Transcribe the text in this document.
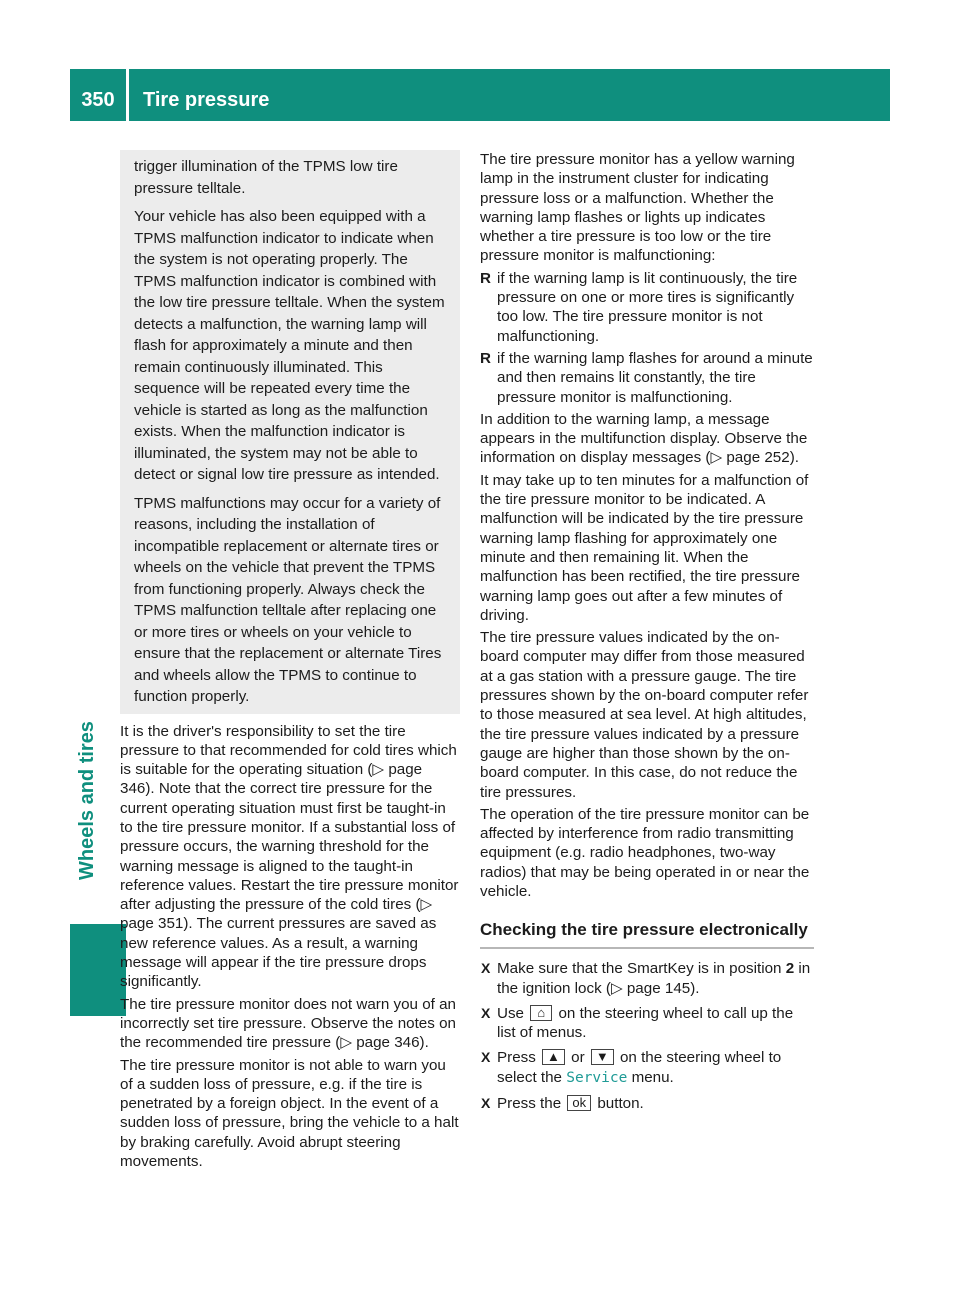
350	Tire pressure
Wheels and tires

trigger illumination of the TPMS low tire pressure telltale.

Your vehicle has also been equipped with a TPMS malfunction indicator to indicate when the system is not operating properly. The TPMS malfunction indicator is combined with the low tire pressure telltale. When the system detects a malfunction, the warning lamp will flash for approximately a minute and then remain continuously illuminated. This sequence will be repeated every time the vehicle is started as long as the malfunction exists. When the malfunction indicator is illuminated, the system may not be able to detect or signal low tire pressure as intended.

TPMS malfunctions may occur for a variety of reasons, including the installation of incompatible replacement or alternate tires or wheels on the vehicle that prevent the TPMS from functioning properly. Always check the TPMS malfunction telltale after replacing one or more tires or wheels on your vehicle to ensure that the replacement or alternate Tires and wheels allow the TPMS to continue to function properly.

It is the driver's responsibility to set the tire pressure to that recommended for cold tires which is suitable for the operating situation (▷ page 346). Note that the correct tire pressure for the current operating situation must first be taught-in to the tire pressure monitor. If a substantial loss of pressure occurs, the warning threshold for the warning message is aligned to the taught-in reference values. Restart the tire pressure monitor after adjusting the pressure of the cold tires (▷ page 351). The current pressures are saved as new reference values. As a result, a warning message will appear if the tire pressure drops significantly.

The tire pressure monitor does not warn you of an incorrectly set tire pressure. Observe the notes on the recommended tire pressure (▷ page 346).

The tire pressure monitor is not able to warn you of a sudden loss of pressure, e.g. if the tire is penetrated by a foreign object. In the event of a sudden loss of pressure, bring the vehicle to a halt by braking carefully. Avoid abrupt steering movements.

The tire pressure monitor has a yellow warning lamp in the instrument cluster for indicating pressure loss or a malfunction. Whether the warning lamp flashes or lights up indicates whether a tire pressure is too low or the tire pressure monitor is malfunctioning:

R if the warning lamp is lit continuously, the tire pressure on one or more tires is significantly too low. The tire pressure monitor is not malfunctioning.
R if the warning lamp flashes for around a minute and then remains lit constantly, the tire pressure monitor is malfunctioning.

In addition to the warning lamp, a message appears in the multifunction display. Observe the information on display messages (▷ page 252).

It may take up to ten minutes for a malfunction of the tire pressure monitor to be indicated. A malfunction will be indicated by the tire pressure warning lamp flashing for approximately one minute and then remaining lit. When the malfunction has been rectified, the tire pressure warning lamp goes out after a few minutes of driving.

The tire pressure values indicated by the on-board computer may differ from those measured at a gas station with a pressure gauge. The tire pressures shown by the on-board computer refer to those measured at sea level. At high altitudes, the tire pressure values indicated by a pressure gauge are higher than those shown by the on-board computer. In this case, do not reduce the tire pressures.

The operation of the tire pressure monitor can be affected by interference from radio transmitting equipment (e.g. radio headphones, two-way radios) that may be being operated in or near the vehicle.

Checking the tire pressure electronically
X Make sure that the SmartKey is in position 2 in the ignition lock (▷ page 145).
X Use ⌂ on the steering wheel to call up the list of menus.
X Press ▲ or ▼ on the steering wheel to select the Service menu.
X Press the ok button.
